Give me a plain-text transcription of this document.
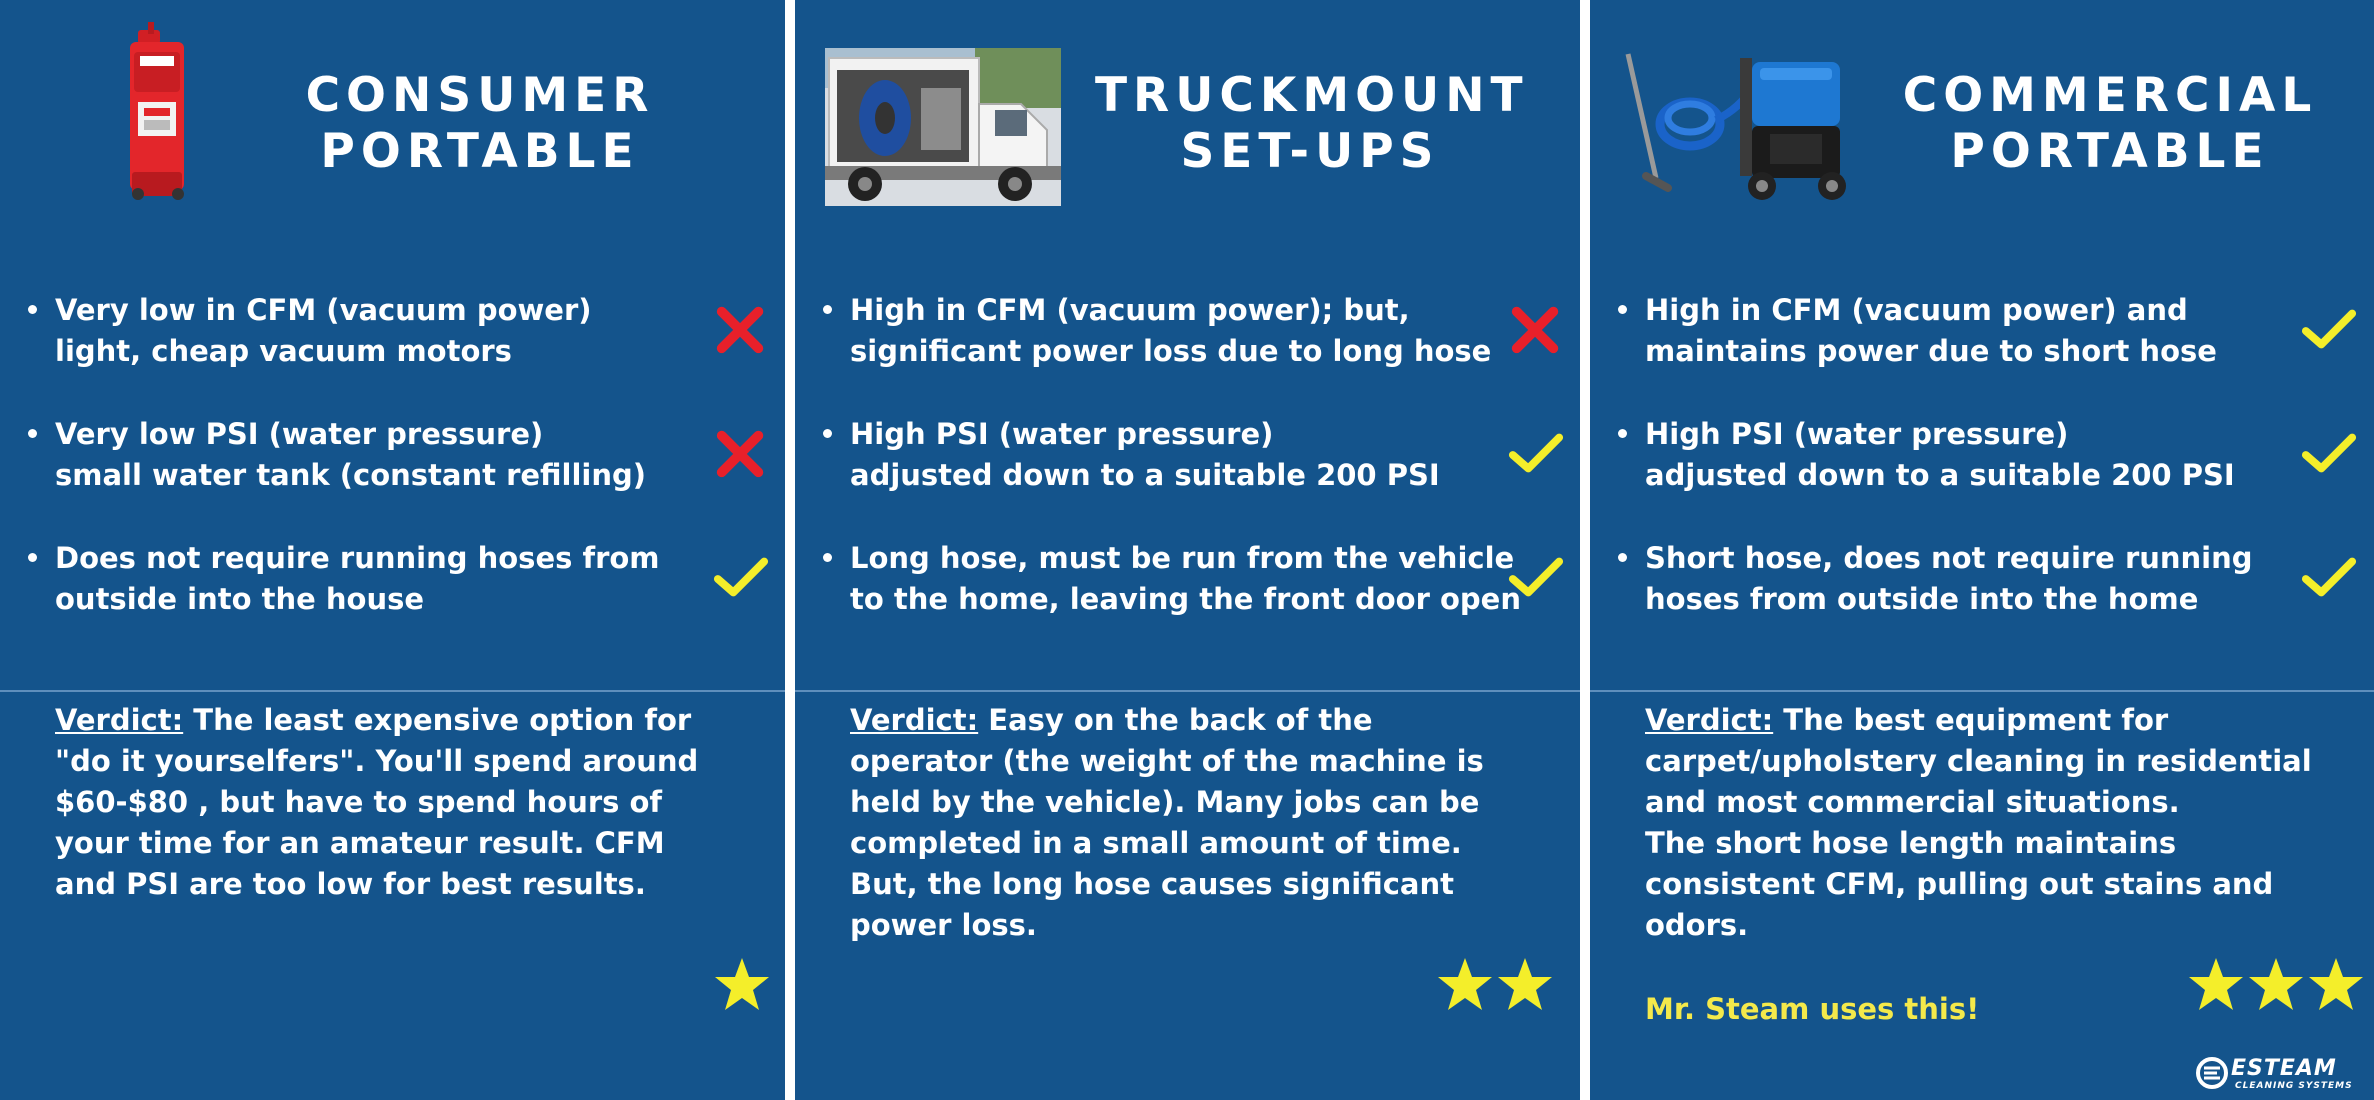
CONSUMER
PORTABLE
Very low in CFM (vacuum power)
light, cheap vacuum motors
Very low PSI (water pressure)
small water tank (constant refilling)
Does not require running hoses from
outside into the house
Verdict: The least expensive option for
"do it yourselfers". You'll spend around
$60-$80 , but have to spend hours of
your time for an amateur result. CFM
and PSI are too low for best results.
TRUCKMOUNT
SET-UPS
High in CFM (vacuum power); but,
significant power loss due to long hose
High PSI (water pressure)
adjusted down to a suitable 200 PSI
Long hose, must be run from the vehicle
to the home, leaving the front door open
Verdict: Easy on the back of the
operator (the weight of the machine is
held by the vehicle). Many jobs can be
completed in a small amount of time.
But, the long hose causes significant
power loss.
COMMERCIAL
PORTABLE
High in CFM (vacuum power) and
maintains power due to short hose
High PSI (water pressure)
adjusted down to a suitable 200 PSI
Short hose, does not require running
hoses from outside into the home
Verdict: The best equipment for
carpet/upholstery cleaning in residential
and most commercial situations.
The short hose length maintains
consistent CFM, pulling out stains and
odors.
Mr. Steam uses this!
ESTEAM
CLEANING SYSTEMS
